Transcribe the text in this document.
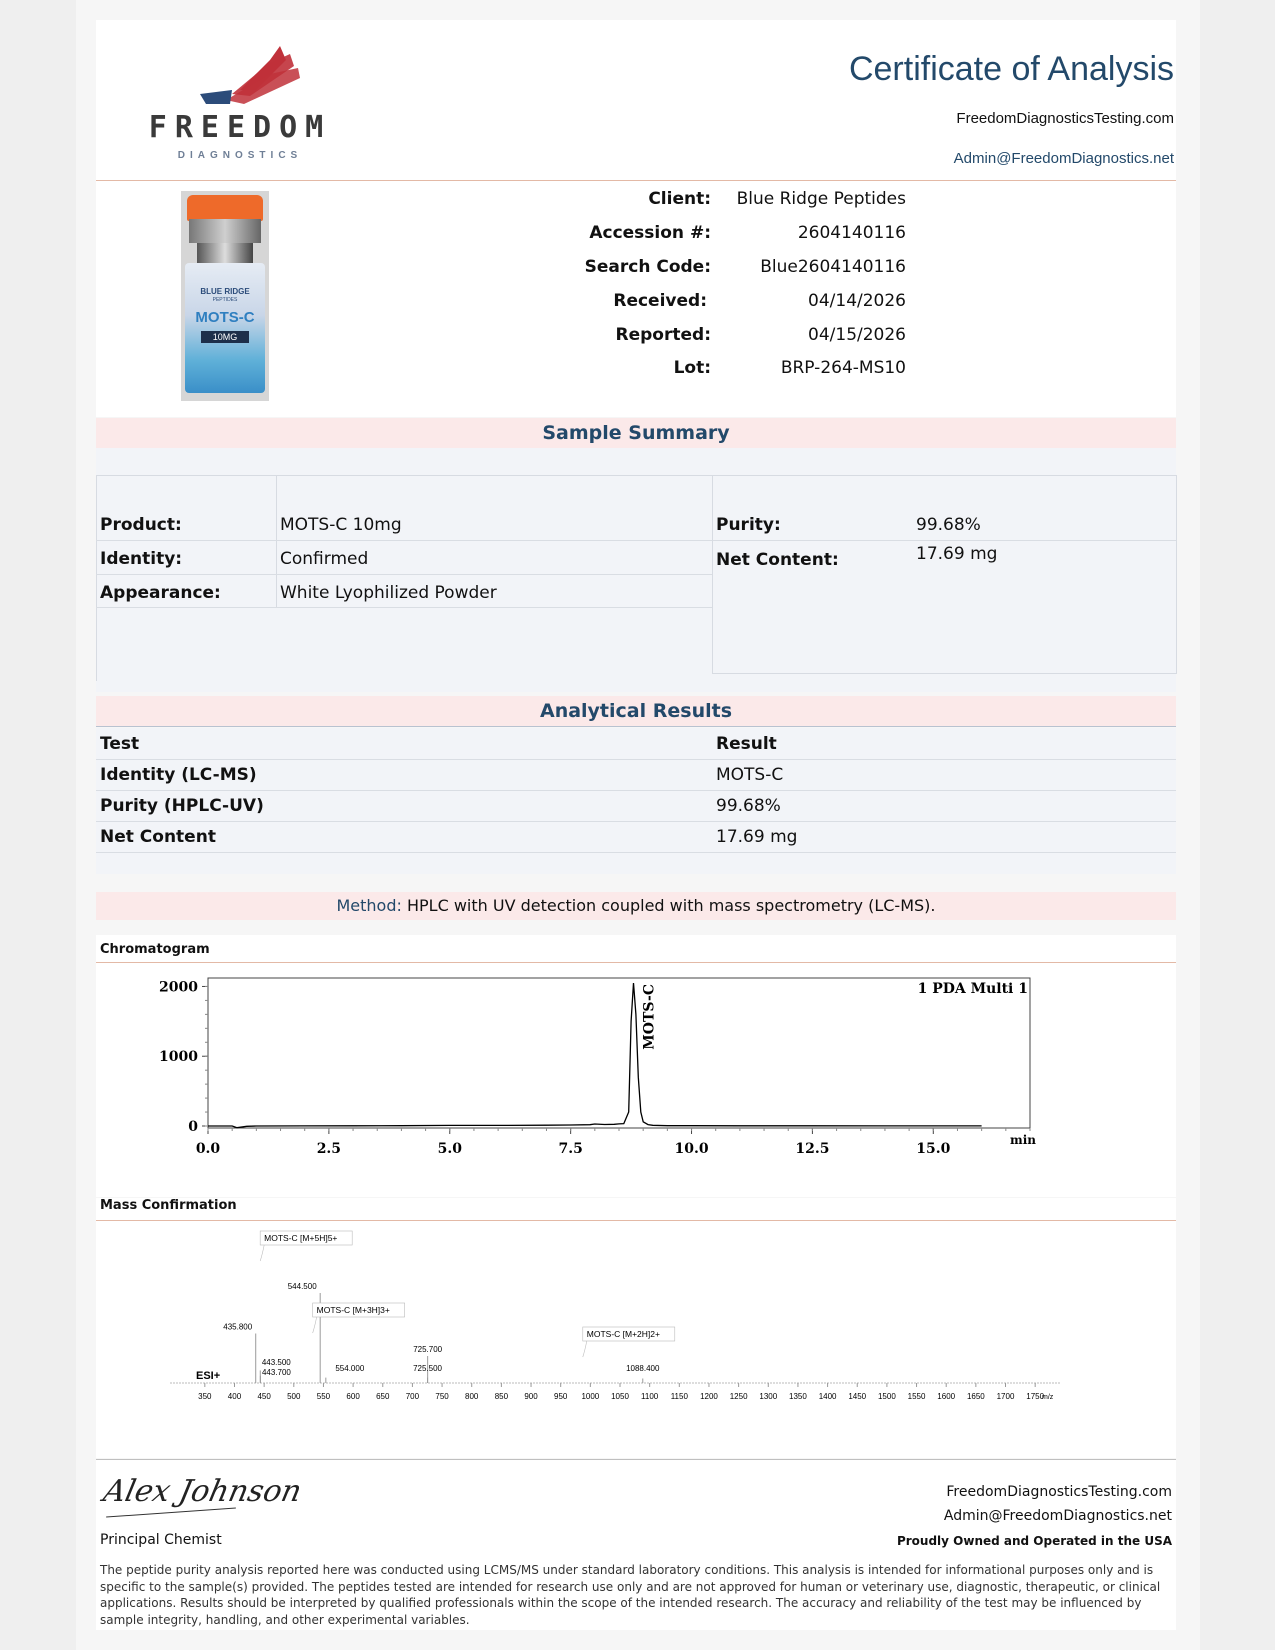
FREEDOM
DIAGNOSTICS
Certificate of Analysis
FreedomDiagnosticsTesting.com
Admin@FreedomDiagnostics.net
BLUE RIDGE
PEPTIDES
MOTS-C
10MG
Client:	Blue Ridge Peptides
Accession #:	2604140116
Search Code:	Blue2604140116
Received:	04/14/2026
Reported:	04/15/2026
Lot:	BRP-264-MS10
Sample Summary
Product:	MOTS-C 10mg
Identity:	Confirmed
Appearance:	White Lyophilized Powder
Purity:	99.68%
Net Content:	17.69 mg
Analytical Results
Test	Result
Identity (LC-MS)	MOTS-C
Purity (HPLC-UV)	99.68%
Net Content	17.69 mg
Method: HPLC with UV detection coupled with mass spectrometry (LC-MS).
Chromatogram
0
1000
2000
0.0	2.5	5.0	7.5	10.0	12.5	15.0
min
1 PDA Multi 1
MOTS-C
Mass Confirmation
ESI+
350 400 450 500 550 600 650 700 750 800 850 900 950 1000 1050 1100 1150 1200 1250 1300 1350 1400 1450 1500 1550 1600 1650 1700 1750
m/z
435.800
443.500
443.700
544.500
554.000
725.700
725.500	1088.400
MOTS-C [M+5H]5+
MOTS-C [M+3H]3+
MOTS-C [M+2H]2+
Alex Johnson
Principal Chemist
FreedomDiagnosticsTesting.com
Admin@FreedomDiagnostics.net
Proudly Owned and Operated in the USA
The peptide purity analysis reported here was conducted using LCMS/MS under standard laboratory conditions. This analysis is intended for informational purposes only and is specific to the sample(s) provided. The peptides tested are intended for research use only and are not approved for human or veterinary use, diagnostic, therapeutic, or clinical applications. Results should be interpreted by qualified professionals within the scope of the intended research. The accuracy and reliability of the test may be influenced by sample integrity, handling, and other experimental variables.
